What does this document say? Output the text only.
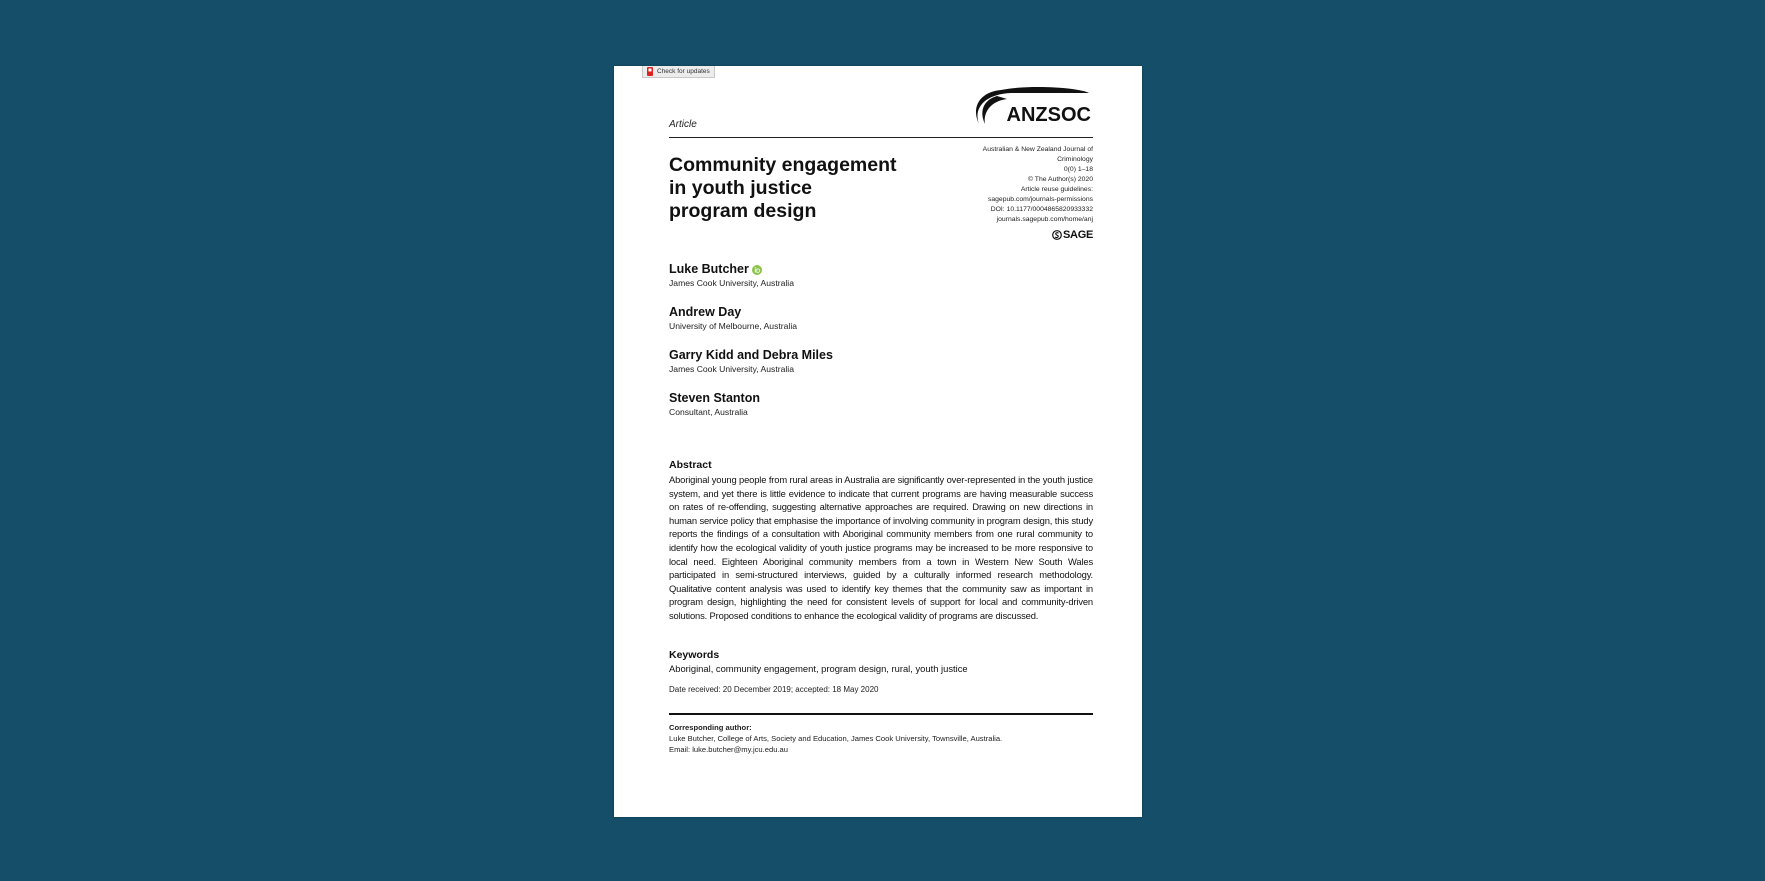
Check for updates
ANZSOC
Article
Community engagement
in youth justice
program design
Australian & New Zealand Journal of
Criminology
0(0) 1–18
© The Author(s) 2020
Article reuse guidelines:
sagepub.com/journals-permissions
DOI: 10.1177/0004865820933332
journals.sagepub.com/home/anj
SAGE
Luke Butcher
James Cook University, Australia
Andrew Day
University of Melbourne, Australia
Garry Kidd and Debra Miles
James Cook University, Australia
Steven Stanton
Consultant, Australia
Abstract
Aboriginal young people from rural areas in Australia are significantly over-represented in the youth justice system, and yet there is little evidence to indicate that current programs are having measurable success on rates of re-offending, suggesting alternative approaches are required. Drawing on new directions in human service policy that emphasise the importance of involving community in program design, this study reports the findings of a consultation with Aboriginal community members from one rural community to identify how the ecological validity of youth justice programs may be increased to be more responsive to local need. Eighteen Aboriginal community members from a town in Western New South Wales participated in semi-structured interviews, guided by a culturally informed research methodology. Qualitative content analysis was used to identify key themes that the community saw as important in program design, highlighting the need for consistent levels of support for local and community-driven solutions. Proposed conditions to enhance the ecological validity of programs are discussed.
Keywords
Aboriginal, community engagement, program design, rural, youth justice
Date received: 20 December 2019; accepted: 18 May 2020
Corresponding author:
Luke Butcher, College of Arts, Society and Education, James Cook University, Townsville, Australia.
Email: luke.butcher@my.jcu.edu.au
